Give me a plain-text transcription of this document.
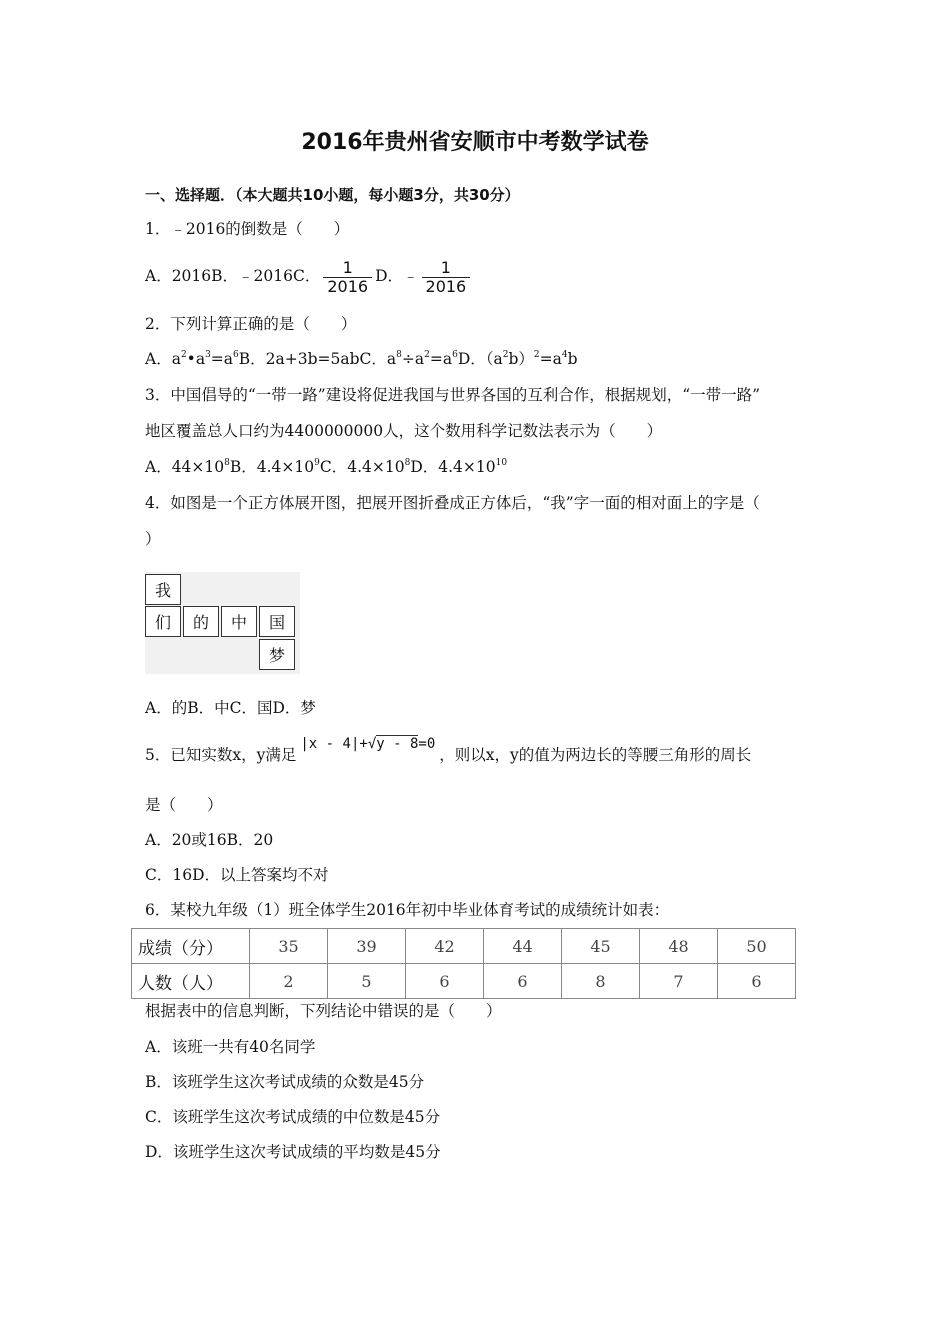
2016年贵州省安顺市中考数学试卷
一、选择题．（本大题共10小题，每小题3分，共30分）
1．﹣2016的倒数是（　　）
A．2016B．﹣2016C． $\frac{1}{2016}$ D．﹣ $\frac{1}{2016}$
2．下列计算正确的是（　　）
A．$a^2•a^3=a^6B$．2a+3b=5abC．$a^8\div a^2=a^6D$．$(a^2b)^2=a^4b$
3．中国倡导的“一带一路”建设将促进我国与世界各国的互利合作，根据规划，“一带一路”
地区覆盖总人口约为4400000000人，这个数用科学记数法表示为（　　）
A．$44\times 10^8B$．$4.4\times 10^9C$．$4.4\times 10^8D$．$4.4\times 10^{10}$
4．如图是一个正方体展开图，把展开图折叠成正方体后，“我”字一面的相对面上的字是（
）
我
们	的	中	国
梦
A．的B．中C．国D．梦
5．已知实数x，y满足|x - 4|+√y - 8=0，则以x，y的值为两边长的等腰三角形的周长
是（　　）
A．20或16B．20
C．16D．以上答案均不对
6．某校九年级（1）班全体学生2016年初中毕业体育考试的成绩统计如表：
成绩（分）	35	39	42	44	45	48	50
人数（人）	2	5	6	6	8	7	6
根据表中的信息判断，下列结论中错误的是（　　）
A．该班一共有40名同学
B．该班学生这次考试成绩的众数是45分
C．该班学生这次考试成绩的中位数是45分
D．该班学生这次考试成绩的平均数是45分
